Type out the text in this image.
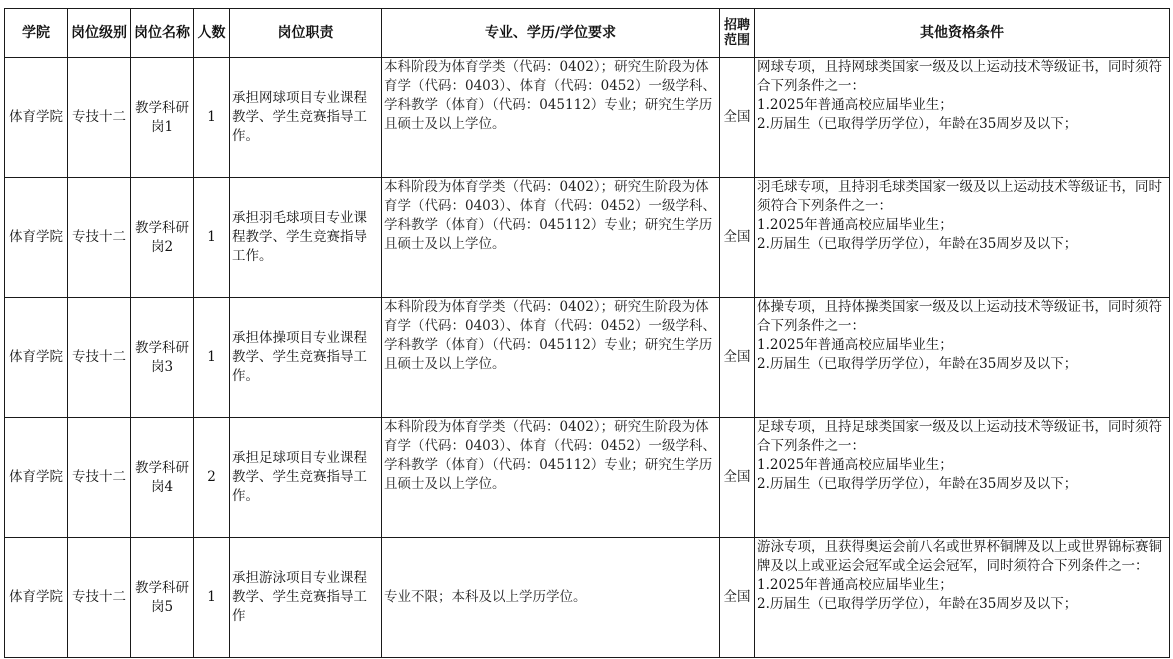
学院	岗位级别	岗位名称	人数	岗位职责	专业、学历/学位要求	招聘范围	其他资格条件
体育学院	专技十二	教学科研岗1	1	承担网球项目专业课程教学、学生竞赛指导工作。	本科阶段为体育学类（代码：0402）；研究生阶段为体育学（代码：0403）、体育（代码：0452）一级学科、学科教学（体育）（代码：045112）专业；研究生学历且硕士及以上学位。	全国	网球专项，且持网球类国家一级及以上运动技术等级证书，同时须符合下列条件之一：
1.2025年普通高校应届毕业生；
2.历届生（已取得学历学位），年龄在35周岁及以下；

体育学院	专技十二	教学科研岗2	1	承担羽毛球项目专业课程教学、学生竞赛指导工作。	本科阶段为体育学类（代码：0402）；研究生阶段为体育学（代码：0403）、体育（代码：0452）一级学科、学科教学（体育）（代码：045112）专业；研究生学历且硕士及以上学位。	全国	羽毛球专项，且持羽毛球类国家一级及以上运动技术等级证书，同时须符合下列条件之一：
1.2025年普通高校应届毕业生；
2.历届生（已取得学历学位），年龄在35周岁及以下；

体育学院	专技十二	教学科研岗3	1	承担体操项目专业课程教学、学生竞赛指导工作。	本科阶段为体育学类（代码：0402）；研究生阶段为体育学（代码：0403）、体育（代码：0452）一级学科、学科教学（体育）（代码：045112）专业；研究生学历且硕士及以上学位。	全国	体操专项，且持体操类国家一级及以上运动技术等级证书，同时须符合下列条件之一：
1.2025年普通高校应届毕业生；
2.历届生（已取得学历学位），年龄在35周岁及以下；

体育学院	专技十二	教学科研岗4	2	承担足球项目专业课程教学、学生竞赛指导工作。	本科阶段为体育学类（代码：0402）；研究生阶段为体育学（代码：0403）、体育（代码：0452）一级学科、学科教学（体育）（代码：045112）专业；研究生学历且硕士及以上学位。	全国	足球专项，且持足球类国家一级及以上运动技术等级证书，同时须符合下列条件之一：
1.2025年普通高校应届毕业生；
2.历届生（已取得学历学位），年龄在35周岁及以下；

体育学院	专技十二	教学科研岗5	1	承担游泳项目专业课程教学、学生竞赛指导工作	专业不限；本科及以上学历学位。	全国	游泳专项，且获得奥运会前八名或世界杯铜牌及以上或世界锦标赛铜牌及以上或亚运会冠军或全运会冠军，同时须符合下列条件之一：
1.2025年普通高校应届毕业生；
2.历届生（已取得学历学位），年龄在35周岁及以下；
